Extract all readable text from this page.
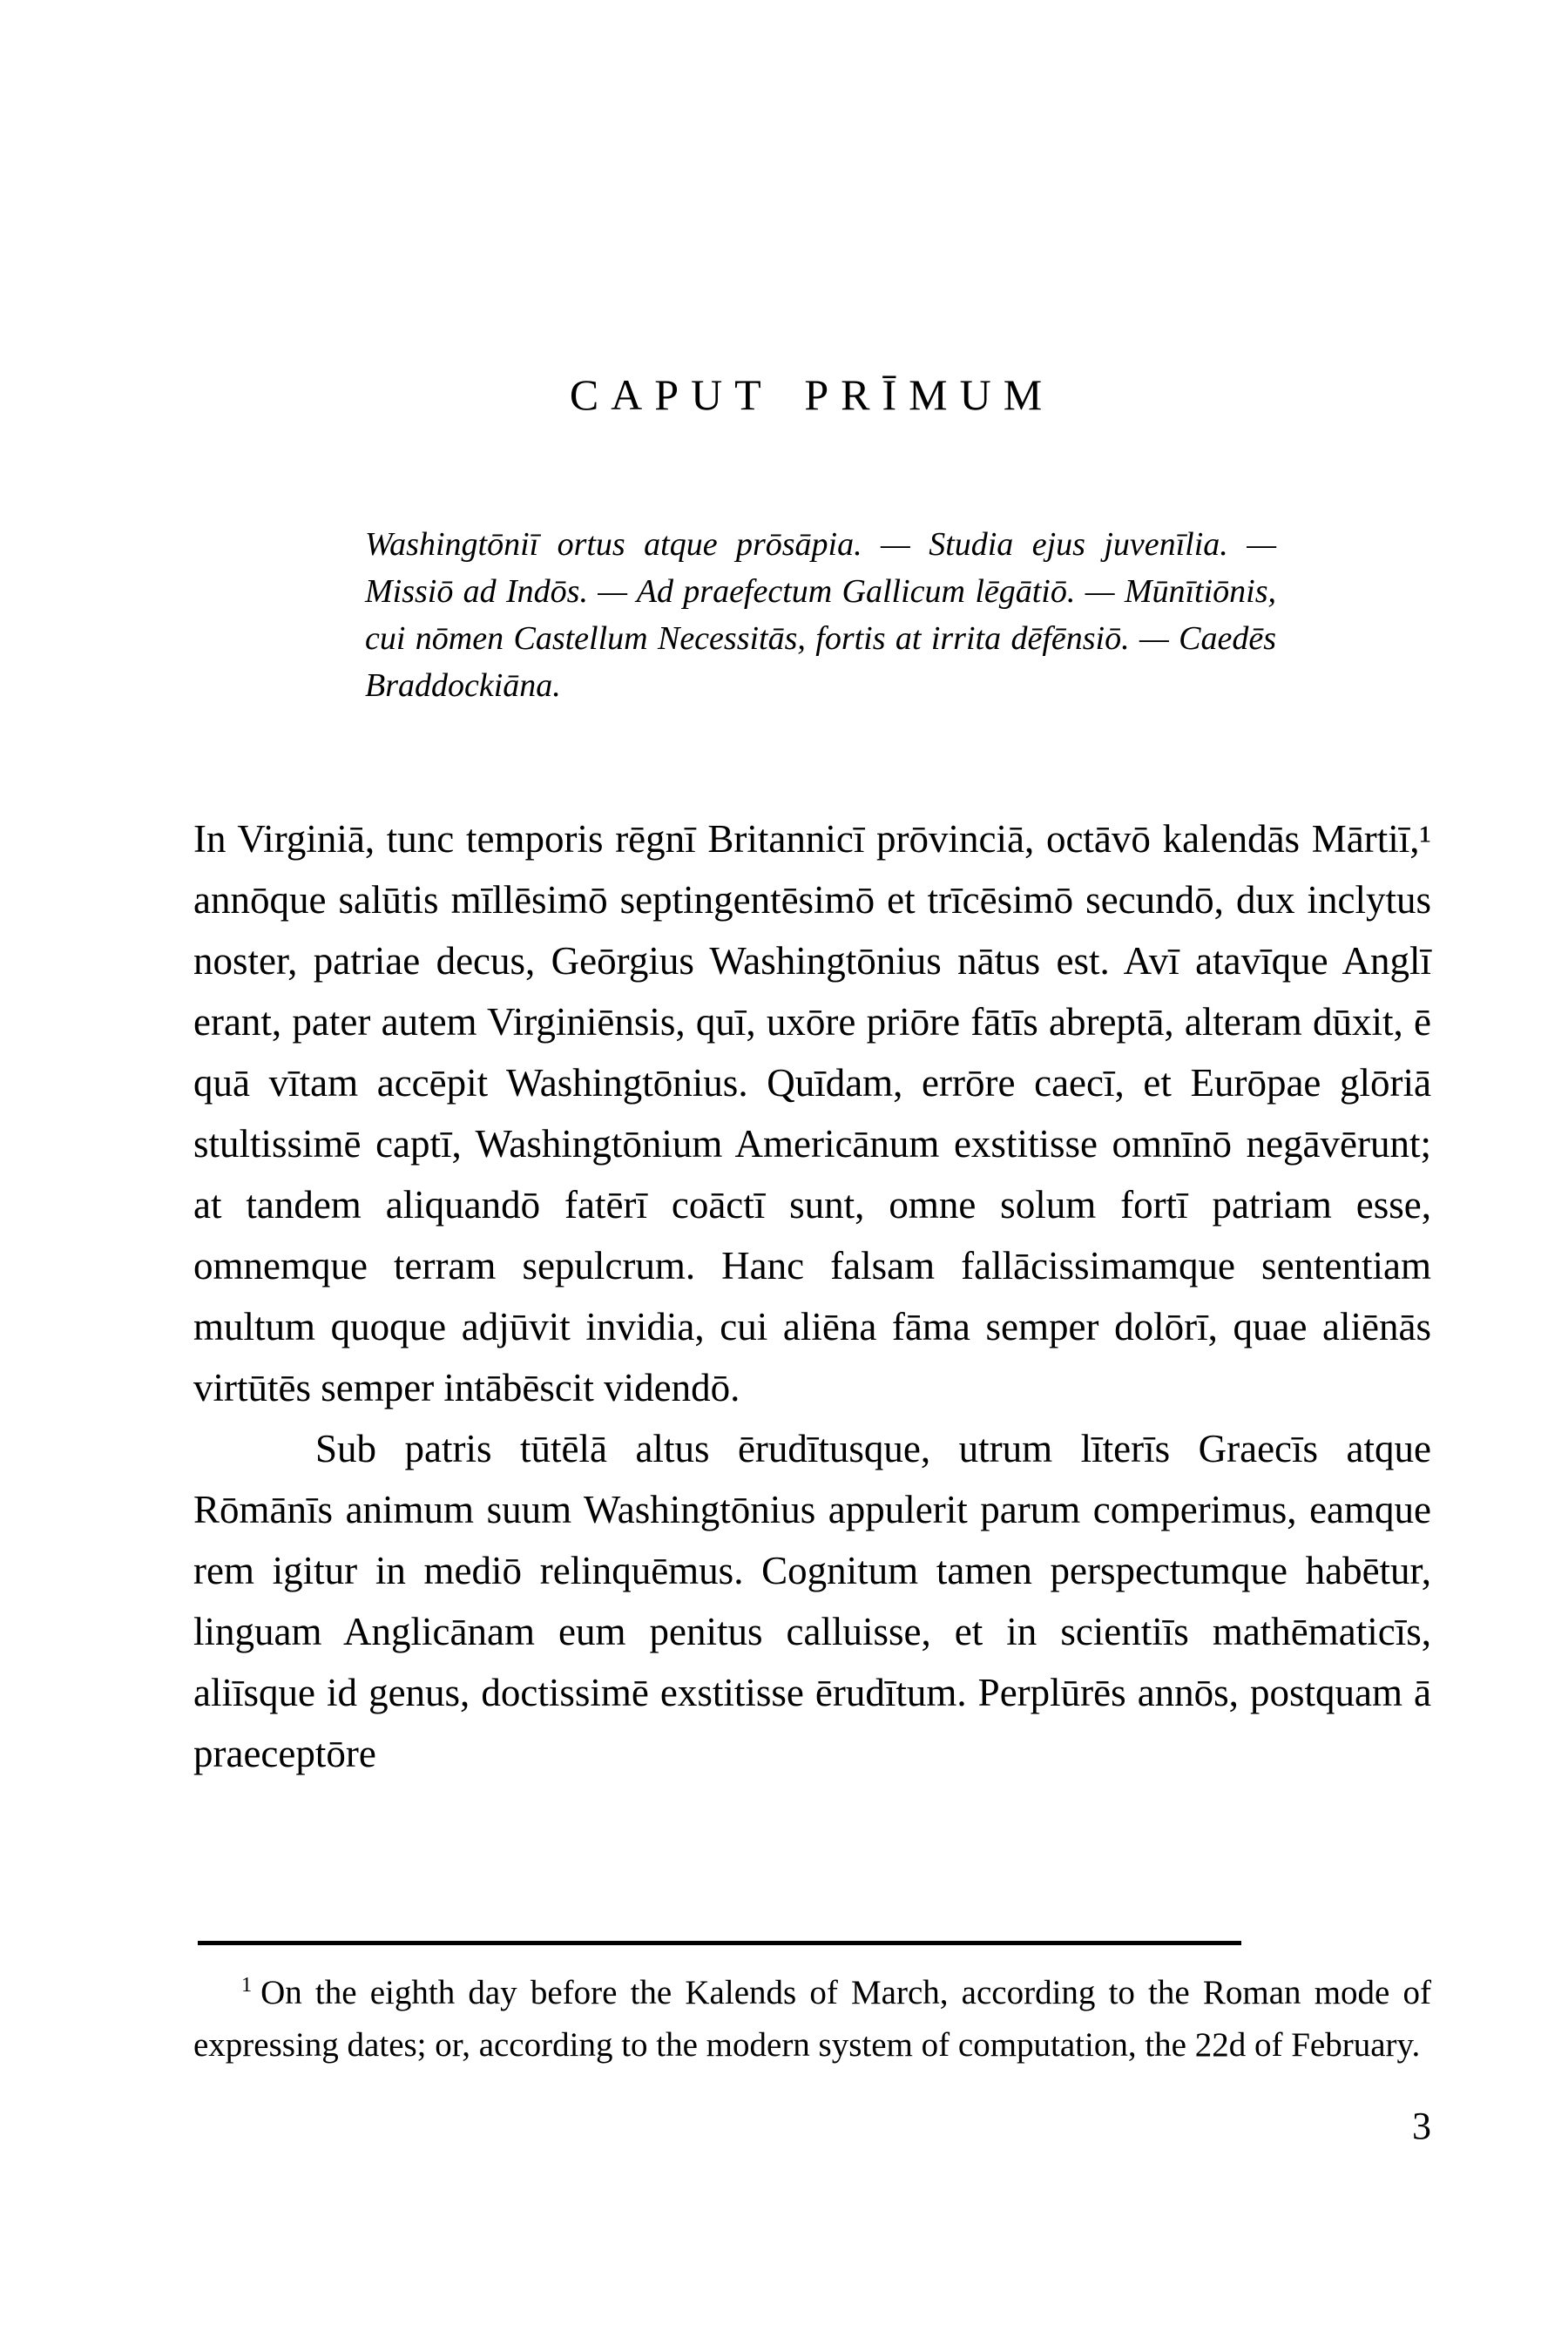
CAPUT PRĪMUM
Washingtōniī ortus atque prōsāpia. — Studia ejus juvenīlia. — Missiō ad Indōs. — Ad praefectum Gallicum lēgātiō. — Mūnītiōnis, cui nōmen Castellum Necessitās, fortis at irrita dēfēnsiō. — Caedēs Braddockiāna.

In Virginiā, tunc temporis rēgnī Britannicī prōvinciā, octāvō kalendās Mārtiī,¹ annōque salūtis mīllēsimō septingentēsimō et trīcēsimō secundō, dux inclytus noster, patriae decus, Geōrgius Washingtōnius nātus est. Avī atavīque Anglī erant, pater autem Virginiēnsis, quī, uxōre priōre fātīs abreptā, alteram dūxit, ē quā vītam accēpit Washingtōnius. Quīdam, errōre caecī, et Eurōpae glōriā stultissimē captī, Washingtōnium Americānum exstitisse omnīnō negāvērunt; at tandem aliquandō fatērī coāctī sunt, omne solum fortī patriam esse, omnemque terram sepulcrum. Hanc falsam fallācissimamque sententiam multum quoque adjūvit invidia, cui aliēna fāma semper dolōrī, quae aliēnās virtūtēs semper intābēscit videndō.

Sub patris tūtēlā altus ērudītusque, utrum līterīs Graecīs atque Rōmānīs animum suum Washingtōnius appulerit parum comperimus, eamque rem igitur in mediō relinquēmus. Cognitum tamen perspectumque habētur, linguam Anglicānam eum penitus calluisse, et in scientiīs mathēmaticīs, aliīsque id genus, doctissimē exstitisse ērudītum. Perplūrēs annōs, postquam ā praeceptōre

$^1$ On the eighth day before the Kalends of March, according to the Roman mode of expressing dates; or, according to the modern system of computation, the 22d of February.

3
